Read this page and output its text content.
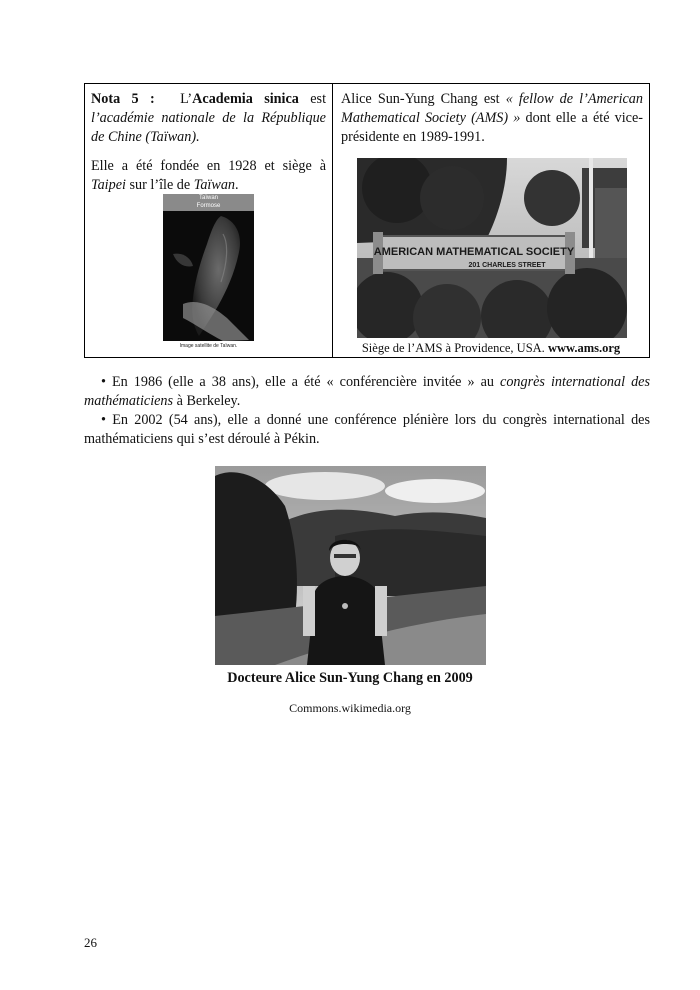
Nota 5 : L’Academia sinica est l’académie nationale de la République de Chine (Taïwan).

Elle a été fondée en 1928 et siège à Taipei sur l’île de Taïwan.

Taïwan
Formose
Image satellite de Taïwan.

Alice Sun-Yung Chang est « fellow de l’American Mathematical Society (AMS) » dont elle a été vice-présidente en 1989-1991.

AMERICAN MATHEMATICAL SOCIETY
201 CHARLES STREET
Siège de l’AMS à Providence, USA. www.ams.org

• En 1986 (elle a 38 ans), elle a été « conférencière invitée » au congrès international des mathématiciens à Berkeley.

• En 2002 (54 ans), elle a donné une conférence plénière lors du congrès international des mathématiciens qui s’est déroulé à Pékin.

Docteure Alice Sun-Yung Chang en 2009
Commons.wikimedia.org
26
